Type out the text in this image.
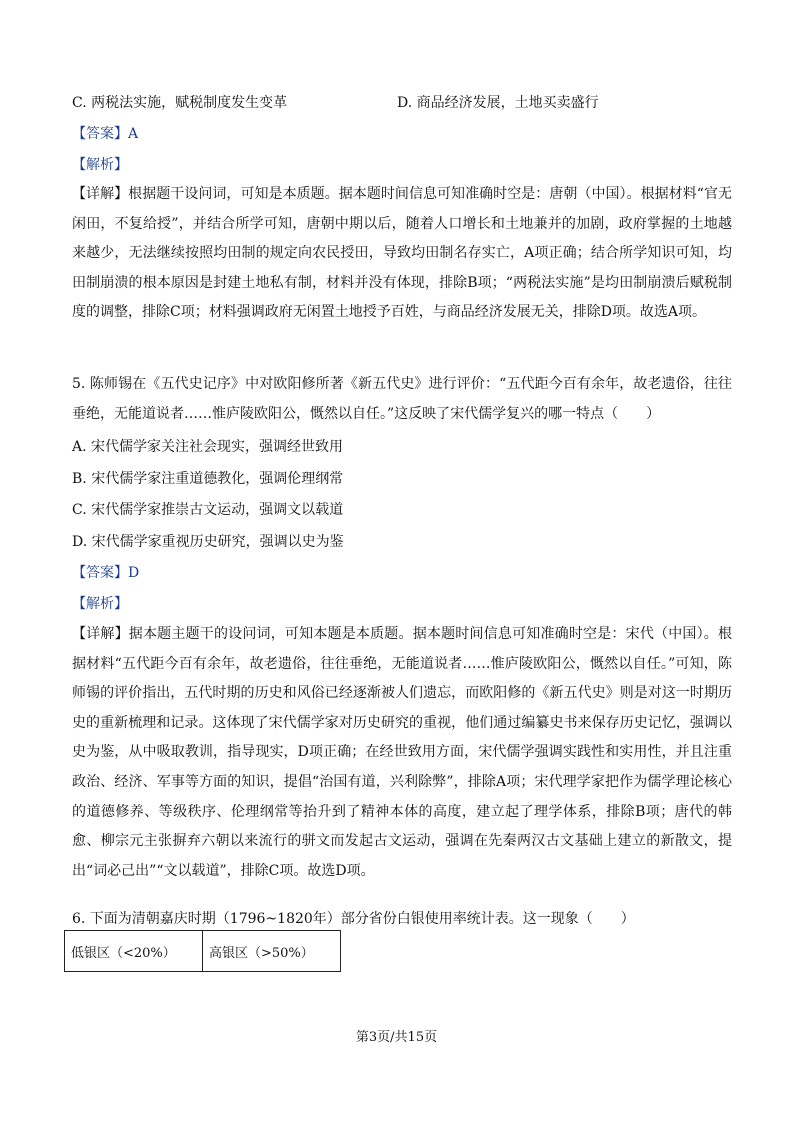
C. 两税法实施，赋税制度发生变革	D. 商品经济发展，土地买卖盛行
【答案】A
【解析】
【详解】根据题干设问词，可知是本质题。据本题时间信息可知准确时空是：唐朝（中国）。根据材料“官无闲田，不复给授”，并结合所学可知，唐朝中期以后，随着人口增长和土地兼并的加剧，政府掌握的土地越来越少，无法继续按照均田制的规定向农民授田，导致均田制名存实亡，A项正确；结合所学知识可知，均田制崩溃的根本原因是封建土地私有制，材料并没有体现，排除B项；“两税法实施”是均田制崩溃后赋税制度的调整，排除C项；材料强调政府无闲置土地授予百姓，与商品经济发展无关，排除D项。故选A项。
5. 陈师锡在《五代史记序》中对欧阳修所著《新五代史》进行评价：“五代距今百有余年，故老遗俗，往往垂绝，无能道说者……惟庐陵欧阳公，慨然以自任。”这反映了宋代儒学复兴的哪一特点（　　）
A. 宋代儒学家关注社会现实，强调经世致用
B. 宋代儒学家注重道德教化，强调伦理纲常
C. 宋代儒学家推崇古文运动，强调文以载道
D. 宋代儒学家重视历史研究，强调以史为鉴
【答案】D
【解析】
【详解】据本题主题干的设问词，可知本题是本质题。据本题时间信息可知准确时空是：宋代（中国）。根据材料“五代距今百有余年，故老遗俗，往往垂绝，无能道说者……惟庐陵欧阳公，慨然以自任。”可知，陈师锡的评价指出，五代时期的历史和风俗已经逐渐被人们遗忘，而欧阳修的《新五代史》则是对这一时期历史的重新梳理和记录。这体现了宋代儒学家对历史研究的重视，他们通过编纂史书来保存历史记忆，强调以史为鉴，从中吸取教训，指导现实，D项正确；在经世致用方面，宋代儒学强调实践性和实用性，并且注重政治、经济、军事等方面的知识，提倡“治国有道，兴利除弊”，排除A项；宋代理学家把作为儒学理论核心的道德修养、等级秩序、伦理纲常等抬升到了精神本体的高度，建立起了理学体系，排除B项；唐代的韩愈、柳宗元主张摒弃六朝以来流行的骈文而发起古文运动，强调在先秦两汉古文基础上建立的新散文，提出“词必己出”“文以载道”，排除C项。故选D项。
6. 下面为清朝嘉庆时期（1796~1820年）部分省份白银使用率统计表。这一现象（　　）
低银区（<20%）	高银区（>50%）
第3页/共15页
